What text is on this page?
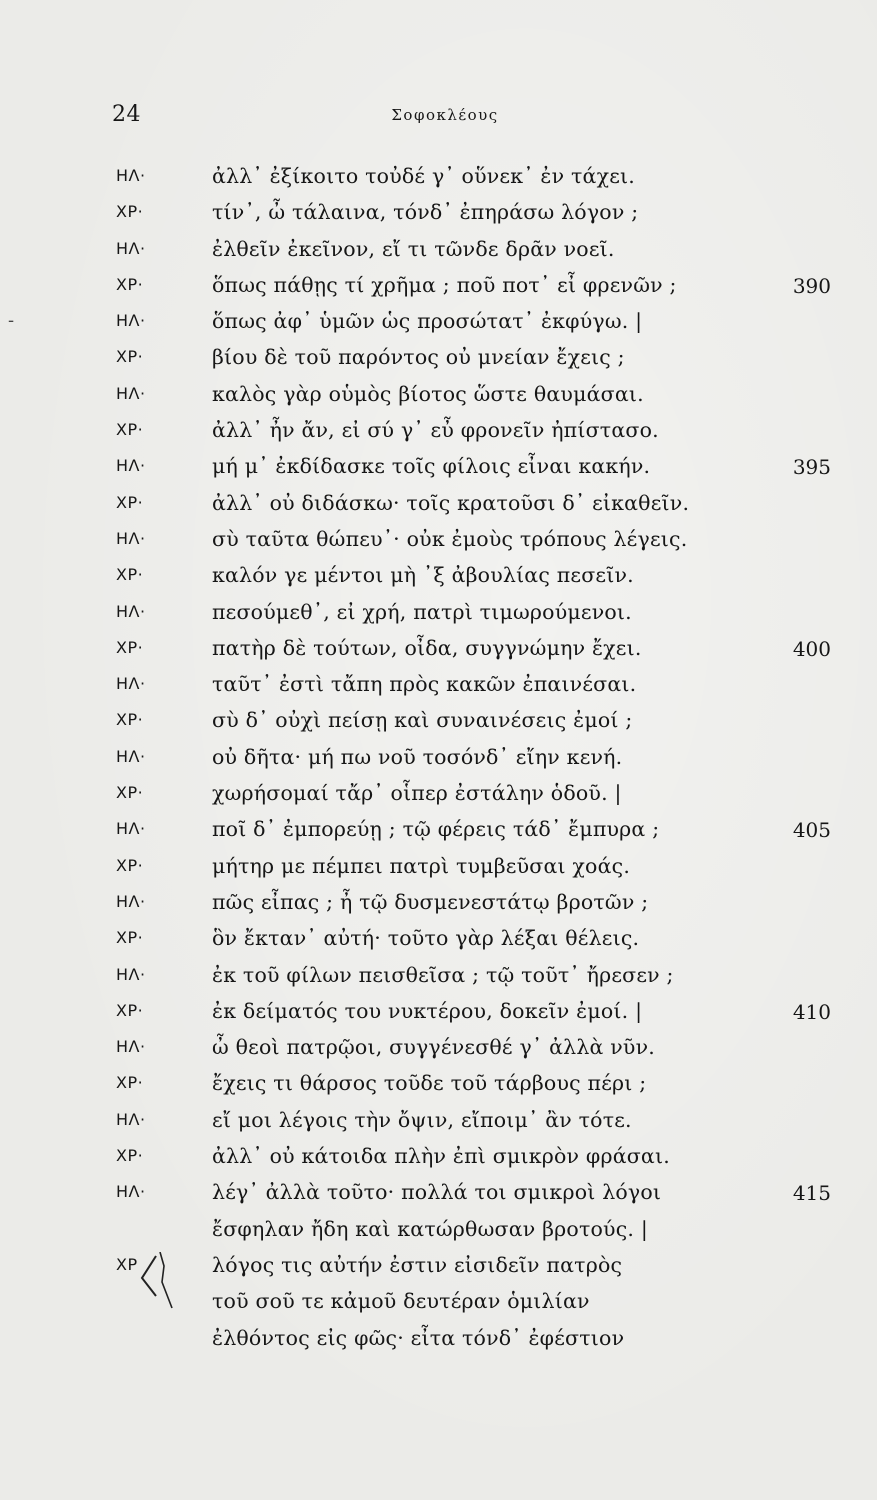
24	Σοφοκλέους
-
ΗΛ·	ἀλλ᾽ ἐξίκοιτο τοὐδέ γ᾽ οὕνεκ᾽ ἐν τάχει.
ΧΡ·	τίν᾽, ὦ τάλαινα, τόνδ᾽ ἐπηράσω λόγον ;
ΗΛ·	ἐλθεῖν ἐκεῖνον, εἴ τι τῶνδε δρᾶν νοεῖ.
ΧΡ·	ὅπως πάθῃς τί χρῆμα ; ποῦ ποτ᾽ εἶ φρενῶν ;	390
ΗΛ·	ὅπως ἀφ᾽ ὑμῶν ὡς προσώτατ᾽ ἐκφύγω. |
ΧΡ·	βίου δὲ τοῦ παρόντος οὐ μνείαν ἔχεις ;
ΗΛ·	καλὸς γὰρ οὑμὸς βίοτος ὥστε θαυμάσαι.
ΧΡ·	ἀλλ᾽ ἦν ἄν, εἰ σύ γ᾽ εὖ φρονεῖν ἠπίστασο.
ΗΛ·	μή μ᾽ ἐκδίδασκε τοῖς φίλοις εἶναι κακήν.	395
ΧΡ·	ἀλλ᾽ οὐ διδάσκω· τοῖς κρατοῦσι δ᾽ εἰκαθεῖν.
ΗΛ·	σὺ ταῦτα θώπευ᾽· οὐκ ἐμοὺς τρόπους λέγεις.
ΧΡ·	καλόν γε μέντοι μὴ ᾽ξ ἀβουλίας πεσεῖν.
ΗΛ·	πεσούμεθ᾽, εἰ χρή, πατρὶ τιμωρούμενοι.
ΧΡ·	πατὴρ δὲ τούτων, οἶδα, συγγνώμην ἔχει.	400
ΗΛ·	ταῦτ᾽ ἐστὶ τἄπη πρὸς κακῶν ἐπαινέσαι.
ΧΡ·	σὺ δ᾽ οὐχὶ πείσῃ καὶ συναινέσεις ἐμοί ;
ΗΛ·	οὐ δῆτα· μή πω νοῦ τοσόνδ᾽ εἴην κενή.
ΧΡ·	χωρήσομαί τἄρ᾽ οἷπερ ἐστάλην ὁδοῦ. |
ΗΛ·	ποῖ δ᾽ ἐμπορεύῃ ; τῷ φέρεις τάδ᾽ ἔμπυρα ;	405
ΧΡ·	μήτηρ με πέμπει πατρὶ τυμβεῦσαι χοάς.
ΗΛ·	πῶς εἶπας ; ἦ τῷ δυσμενεστάτῳ βροτῶν ;
ΧΡ·	ὃν ἔκταν᾽ αὐτή· τοῦτο γὰρ λέξαι θέλεις.
ΗΛ·	ἐκ τοῦ φίλων πεισθεῖσα ; τῷ τοῦτ᾽ ἤρεσεν ;
ΧΡ·	ἐκ δείματός του νυκτέρου, δοκεῖν ἐμοί. |	410
ΗΛ·	ὦ θεοὶ πατρῷοι, συγγένεσθέ γ᾽ ἀλλὰ νῦν.
ΧΡ·	ἔχεις τι θάρσος τοῦδε τοῦ τάρβους πέρι ;
ΗΛ·	εἴ μοι λέγοις τὴν ὄψιν, εἴποιμ᾽ ἂν τότε.
ΧΡ·	ἀλλ᾽ οὐ κάτοιδα πλὴν ἐπὶ σμικρὸν φράσαι.
ΗΛ·	λέγ᾽ ἀλλὰ τοῦτο· πολλά τοι σμικροὶ λόγοι	415
ἔσφηλαν ἤδη καὶ κατώρθωσαν βροτούς. |
ΧΡ	λόγος τις αὐτήν ἐστιν εἰσιδεῖν πατρὸς
τοῦ σοῦ τε κἀμοῦ δευτέραν ὁμιλίαν
ἐλθόντος εἰς φῶς· εἶτα τόνδ᾽ ἐφέστιον
